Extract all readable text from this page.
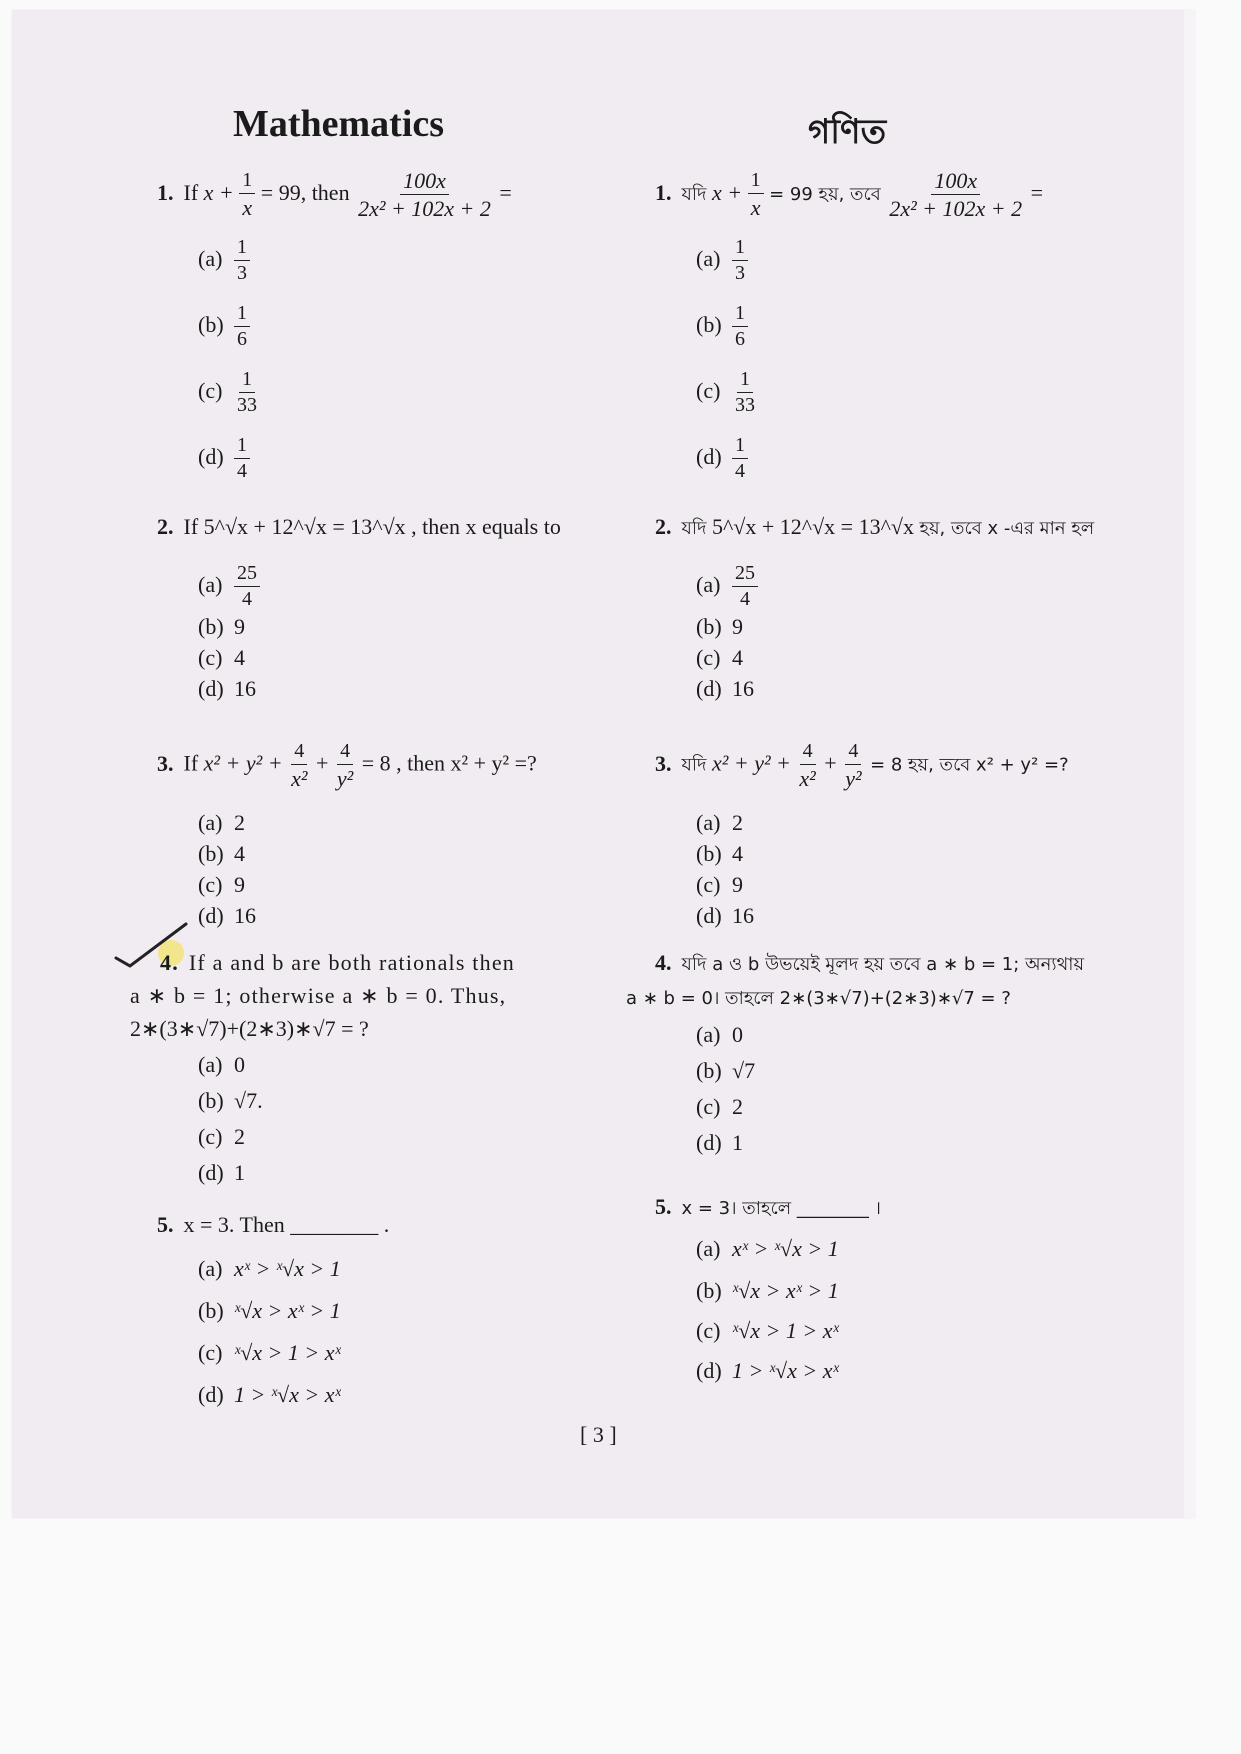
Mathematics	গণিত
1. If $x + \frac{1}{x} = 99$, then $\frac{100x}{\text{2x² + 102x + 2}}$ =
$(a) \frac{1}{3}$
$(b) \frac{1}{6}$
$(c) \frac{1}{33}$
$(d) \frac{1}{4}$
2. If 5^√x + 12^√x = 13^√x , then x equals to
$(a) \frac{25}{4}$
(b) 9
(c) 4
(d) 16
3. If $x^2 + y^2 + \frac{4}{\text{x²}} + \frac{4}{\text{y²}} = 8$ , then x² + y² =?
(a) 2
(b) 4
(c) 9
(d) 16
4. If a and b are both rationals then
a ∗ b = 1; otherwise a ∗ b = 0. Thus,
2∗(3∗√7)+(2∗3)∗√7 = ?
(a) 0
(b) √7.
(c) 2
(d) 1
5. x = 3. Then ________ .
(a) xˣ > ˣ√x > 1
(b) ˣ√x > xˣ > 1
(c) ˣ√x > 1 > xˣ
(d) 1 > ˣ√x > xˣ
1. যদি $x + \frac{1}{x} = 99$ হয়, তবে $\frac{100x}{\text{2x² + 102x + 2}}$ =
$(a) \frac{1}{3}$
$(b) \frac{1}{6}$
$(c) \frac{1}{33}$
$(d) \frac{1}{4}$
2. যদি 5^√x + 12^√x = 13^√x হয়, তবে x -এর মান হল
$(a) \frac{25}{4}$
(b) 9
(c) 4
(d) 16
3. যদি $x^2 + y^2 + \frac{4}{\text{x²}} + \frac{4}{\text{y²}} = 8$ হয়, তবে x² + y² =?
(a) 2
(b) 4
(c) 9
(d) 16
4. যদি a ও b উভয়েই মূলদ হয় তবে a ∗ b = 1; অন্যথায়
a ∗ b = 0। তাহলে 2∗(3∗√7)+(2∗3)∗√7 = ?
(a) 0
(b) √7
(c) 2
(d) 1
5. x = 3। তাহলে ________ ।
(a) xˣ > ˣ√x > 1
(b) ˣ√x > xˣ > 1
(c) ˣ√x > 1 > xˣ
(d) 1 > ˣ√x > xˣ
[ 3 ]
